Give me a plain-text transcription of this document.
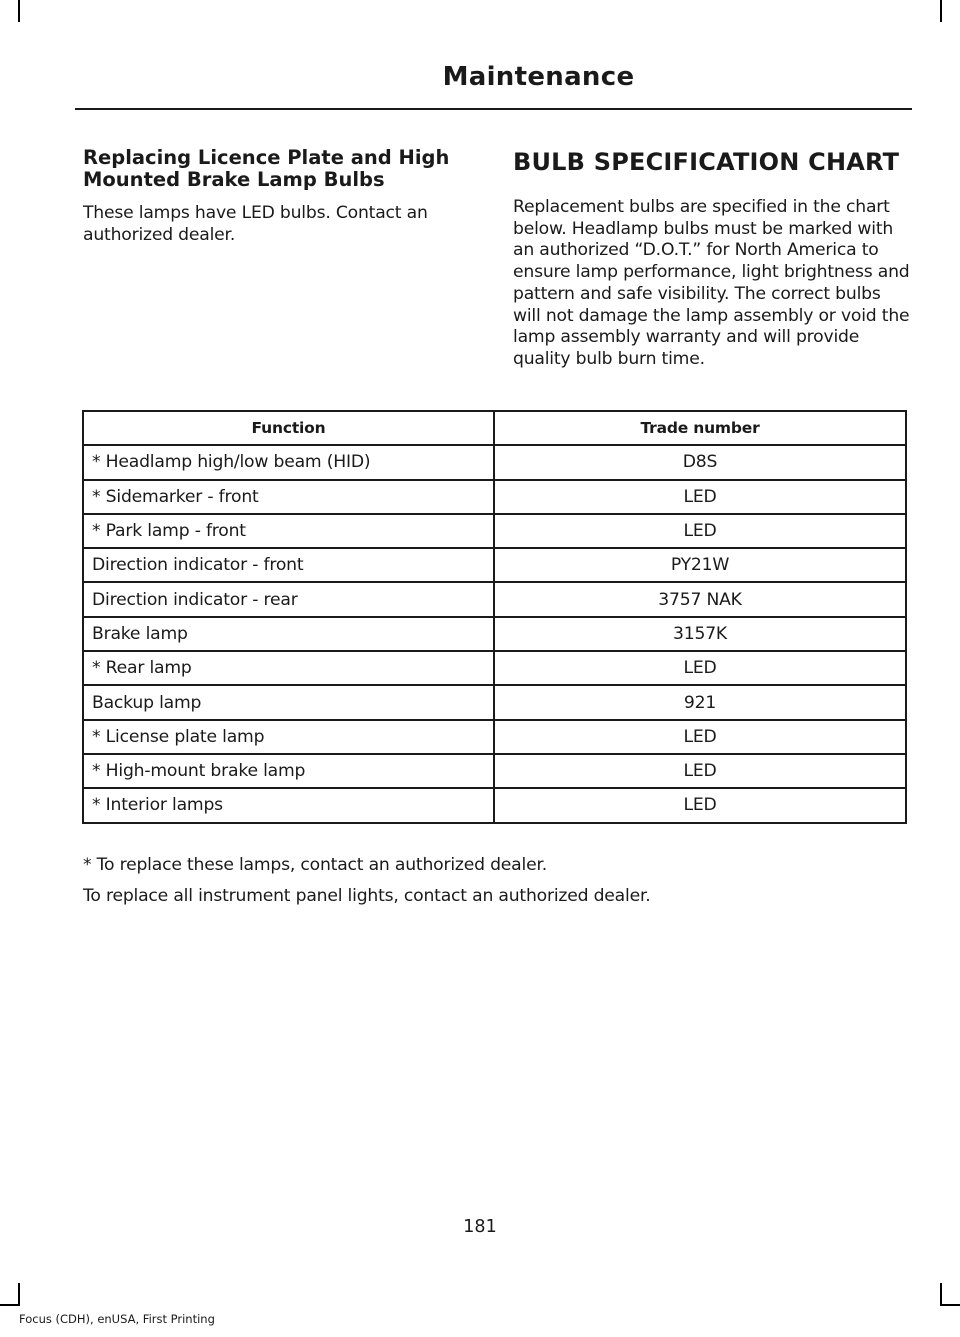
Maintenance
Replacing Licence Plate and High Mounted Brake Lamp Bulbs

These lamps have LED bulbs. Contact an authorized dealer.

BULB SPECIFICATION CHART

Replacement bulbs are specified in the chart below. Headlamp bulbs must be marked with an authorized “D.O.T.” for North America to ensure lamp performance, light brightness and pattern and safe visibility. The correct bulbs will not damage the lamp assembly or void the lamp assembly warranty and will provide quality bulb burn time.

Function	Trade number
* Headlamp high/low beam (HID)	D8S
* Sidemarker - front	LED
* Park lamp - front	LED
Direction indicator - front	PY21W
Direction indicator - rear	3757 NAK
Brake lamp	3157K
* Rear lamp	LED
Backup lamp	921
* License plate lamp	LED
* High-mount brake lamp	LED
* Interior lamps	LED

* To replace these lamps, contact an authorized dealer.

To replace all instrument panel lights, contact an authorized dealer.

181
Focus (CDH), enUSA, First Printing
